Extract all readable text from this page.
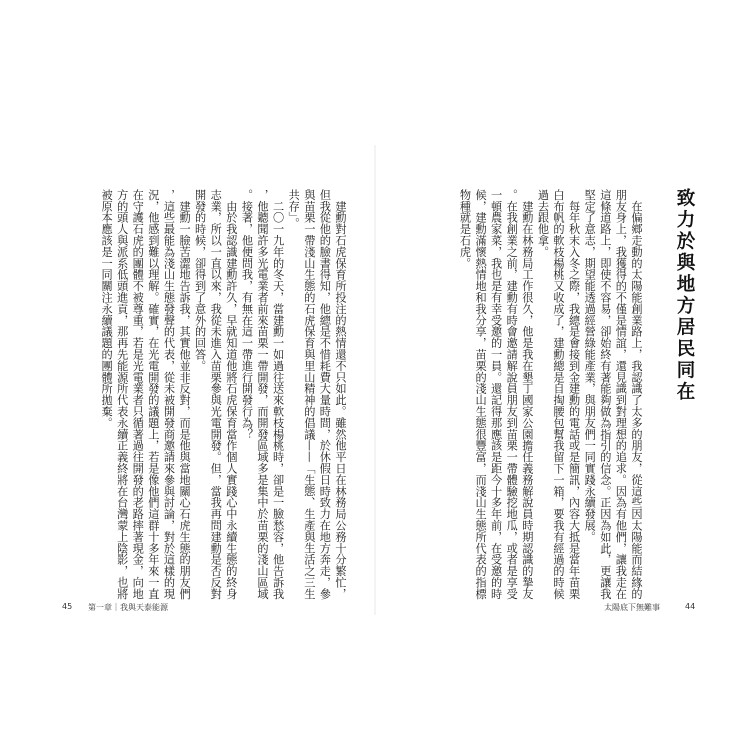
致力於與地方居民同在
　在偏鄉走動的太陽能創業路上，我認識了太多的朋友，從這些因太陽能而結緣的
朋友身上，我獲得的不僅是情誼，還見識到對理想的追求。因為有他們，讓我走在
這條道路上，即使不容易，卻始終有著能夠做為指引的信念。正因為如此，更讓我
堅定了意志，期望能透過經營綠能產業，與朋友們一同實踐永續發展。
　每年秋末入冬之際，我總是會接到金建勳的電話或是簡訊，內容大抵是當年苗栗
白布帆的軟枝楊桃又收成了，建勳總是自掏腰包幫我留下一箱，要我有經過的時候
過去跟他拿。
　建勳在林務局工作很久，他是我在墾丁國家公園擔任義務解說員時期認識的摯友
。在我創業之前，建勳有時會邀請解說員朋友到苗栗一帶體驗挖地瓜，或者是享受
一頓農家菜，我也是有幸受邀的一員。還記得那應該是距今十多年前，在受邀的時
候，建勳滿懷熱情地和我分享，苗栗的淺山生態很豐富，而淺山生態所代表的指標
物種就是石虎。
太陽底下無難事	44
　建勳對石虎保育所投注的熱情還不只如此。雖然他平日在林務局公務十分繁忙，
但我從他的臉書得知，他總是不惜耗費大量時間，於休假日時致力在地方奔走，參
與苗栗一帶淺山生態的石虎保育與里山精神的倡議——「生態、生產與生活之三生
共存」。
　二〇一九年的冬天，當建勳一如過往送來軟枝楊桃時，卻是一臉愁容，他告訴我
，他聽聞許多光電業者前來苗栗一帶開發，而開發區域多是集中於苗栗的淺山區域
。接著，他便問我，有無在這一帶進行開發行為？
　由於我認識建勳許久，早就知道他將石虎保育當作個人實踐心中永續生態的終身
志業，所以一直以來，我從未進入苗栗參與光電開發。但，當我再問建勳是否反對
開發的時候，卻得到了意外的回答。
　建勳一臉苦澀地告訴我，其實他並非反對，而是他與當地關心石虎生態的朋友們
，這些最能為淺山生態發聲的代表，從未被開發商邀請來參與討論，對於這樣的現
況，他感到難以理解。確實，在光電開發的議題上，若是像他們這群十多年來一直
在守護石虎的團體不被尊重，若是光電業者只循著過往開發的老路摔著現金，向地
方的頭人與派系低頭進貢，那再先能源所代表永續正義終將在台灣蒙上陰影，也將
被原本應該是一同關注永續議題的團體所拋棄。
45 第一章｜我與天泰能源
